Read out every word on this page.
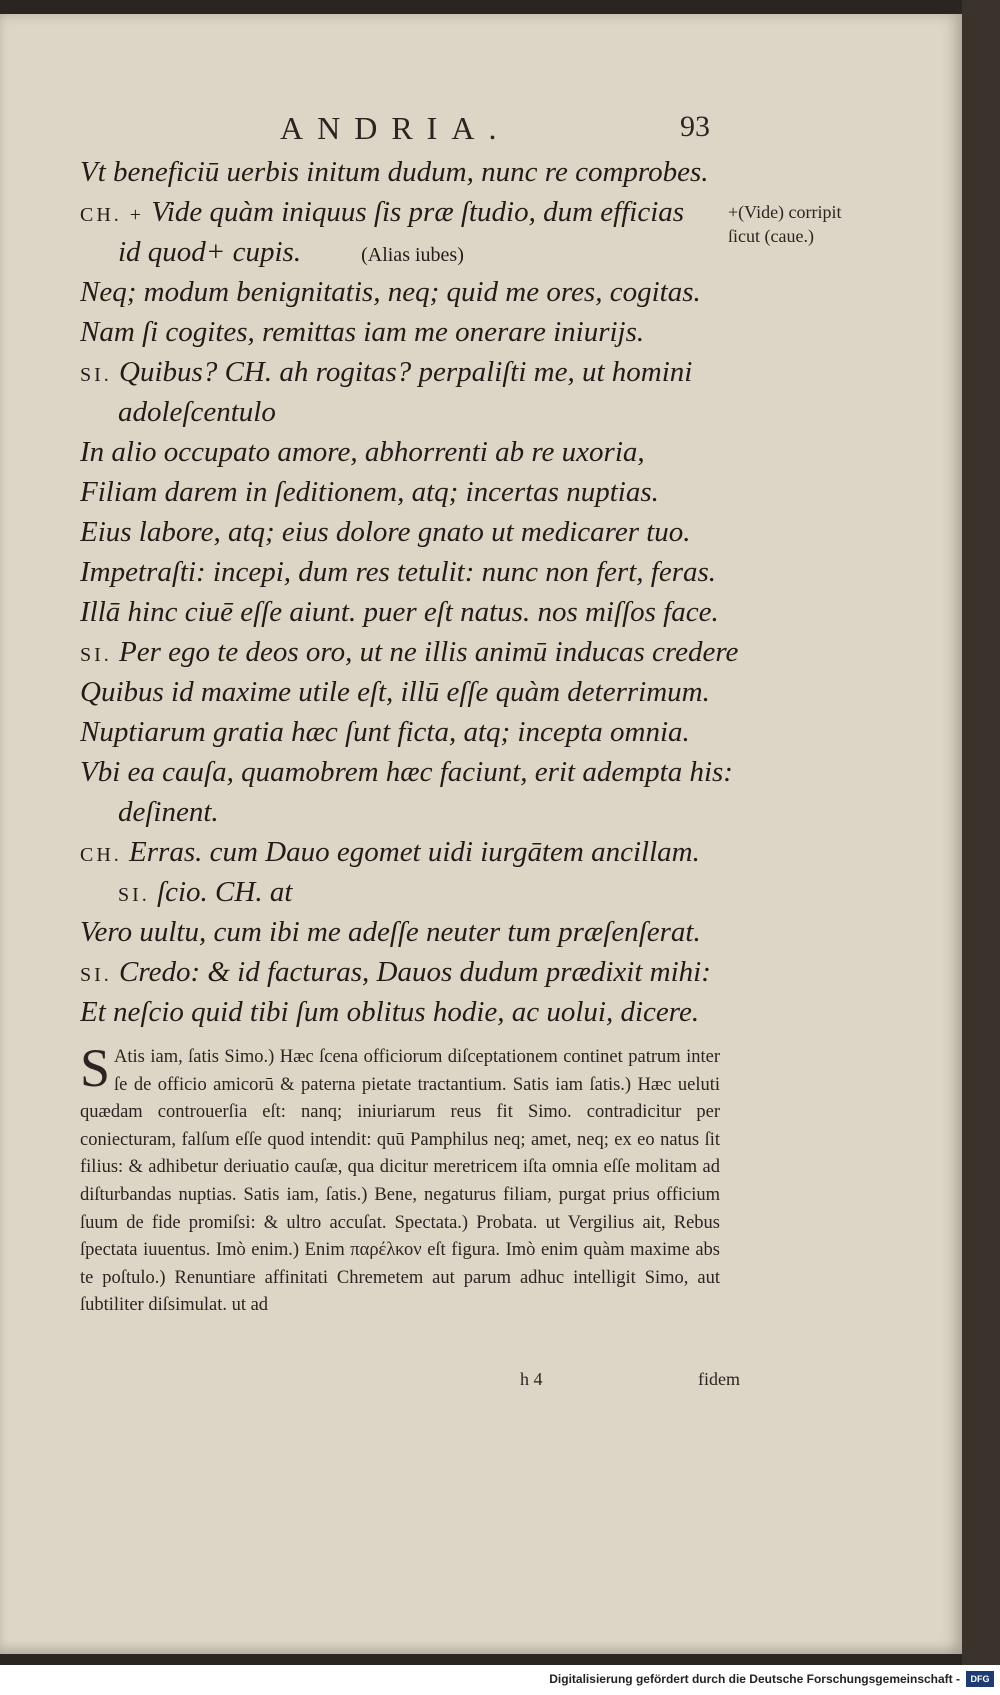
ANDRIA.	93
Vt beneficiū uerbis initum dudum, nunc re comprobes.
CH. + Vide quàm iniquus ſis præ ſtudio, dum efficias
id quod+ cupis.	(Alias iubes)
Neq; modum benignitatis, neq; quid me ores, cogitas.
Nam ſi cogites, remittas iam me onerare iniurijs.
SI. Quibus? CH. ah rogitas? perpaliſti me, ut homini
adoleſcentulo
In alio occupato amore, abhorrenti ab re uxoria,
Filiam darem in ſeditionem, atq; incertas nuptias.
Eius labore, atq; eius dolore gnato ut medicarer tuo.
Impetraſti: incepi, dum res tetulit: nunc non fert, feras.
Illā hinc ciuē eſſe aiunt. puer eſt natus. nos miſſos face.
SI. Per ego te deos oro, ut ne illis animū inducas credere
Quibus id maxime utile eſt, illū eſſe quàm deterrimum.
Nuptiarum gratia hæc ſunt ficta, atq; incepta omnia.
Vbi ea cauſa, quamobrem hæc faciunt, erit adempta his:
deſinent.
CH. Erras. cum Dauo egomet uidi iurgātem ancillam.
SI. ſcio. CH. at
Vero uultu, cum ibi me adeſſe neuter tum præſenſerat.
SI. Credo: & id facturas, Dauos dudum prædixit mihi:
Et neſcio quid tibi ſum oblitus hodie, ac uolui, dicere.
+(Vide) corripit ſicut (caue.)

S Atis iam, ſatis Simo.) Hæc ſcena officiorum diſceptationem continet patrum inter ſe de officio amicorū & paterna pietate tractantium. Satis iam ſatis.) Hæc ueluti quædam controuerſia eſt: nanq; iniuriarum reus fit Simo. contradicitur per coniecturam, falſum eſſe quod intendit: quū Pamphilus neq; amet, neq; ex eo natus ſit filius: & adhibetur deriuatio cauſæ, qua dicitur meretricem iſta omnia eſſe molitam ad diſturbandas nuptias. Satis iam, ſatis.) Bene, negaturus filiam, purgat prius officium ſuum de fide promiſsi: & ultro accuſat. Spectata.) Probata. ut Vergilius ait, Rebus ſpectata iuuentus. Imò enim.) Enim παρέλκον eſt figura. Imò enim quàm maxime abs te poſtulo.) Renuntiare affinitati Chremetem aut parum adhuc intelligit Simo, aut ſubtiliter diſsimulat. ut ad

h 4	fidem
Digitalisierung gefördert durch die Deutsche Forschungsgemeinschaft -	DFG
